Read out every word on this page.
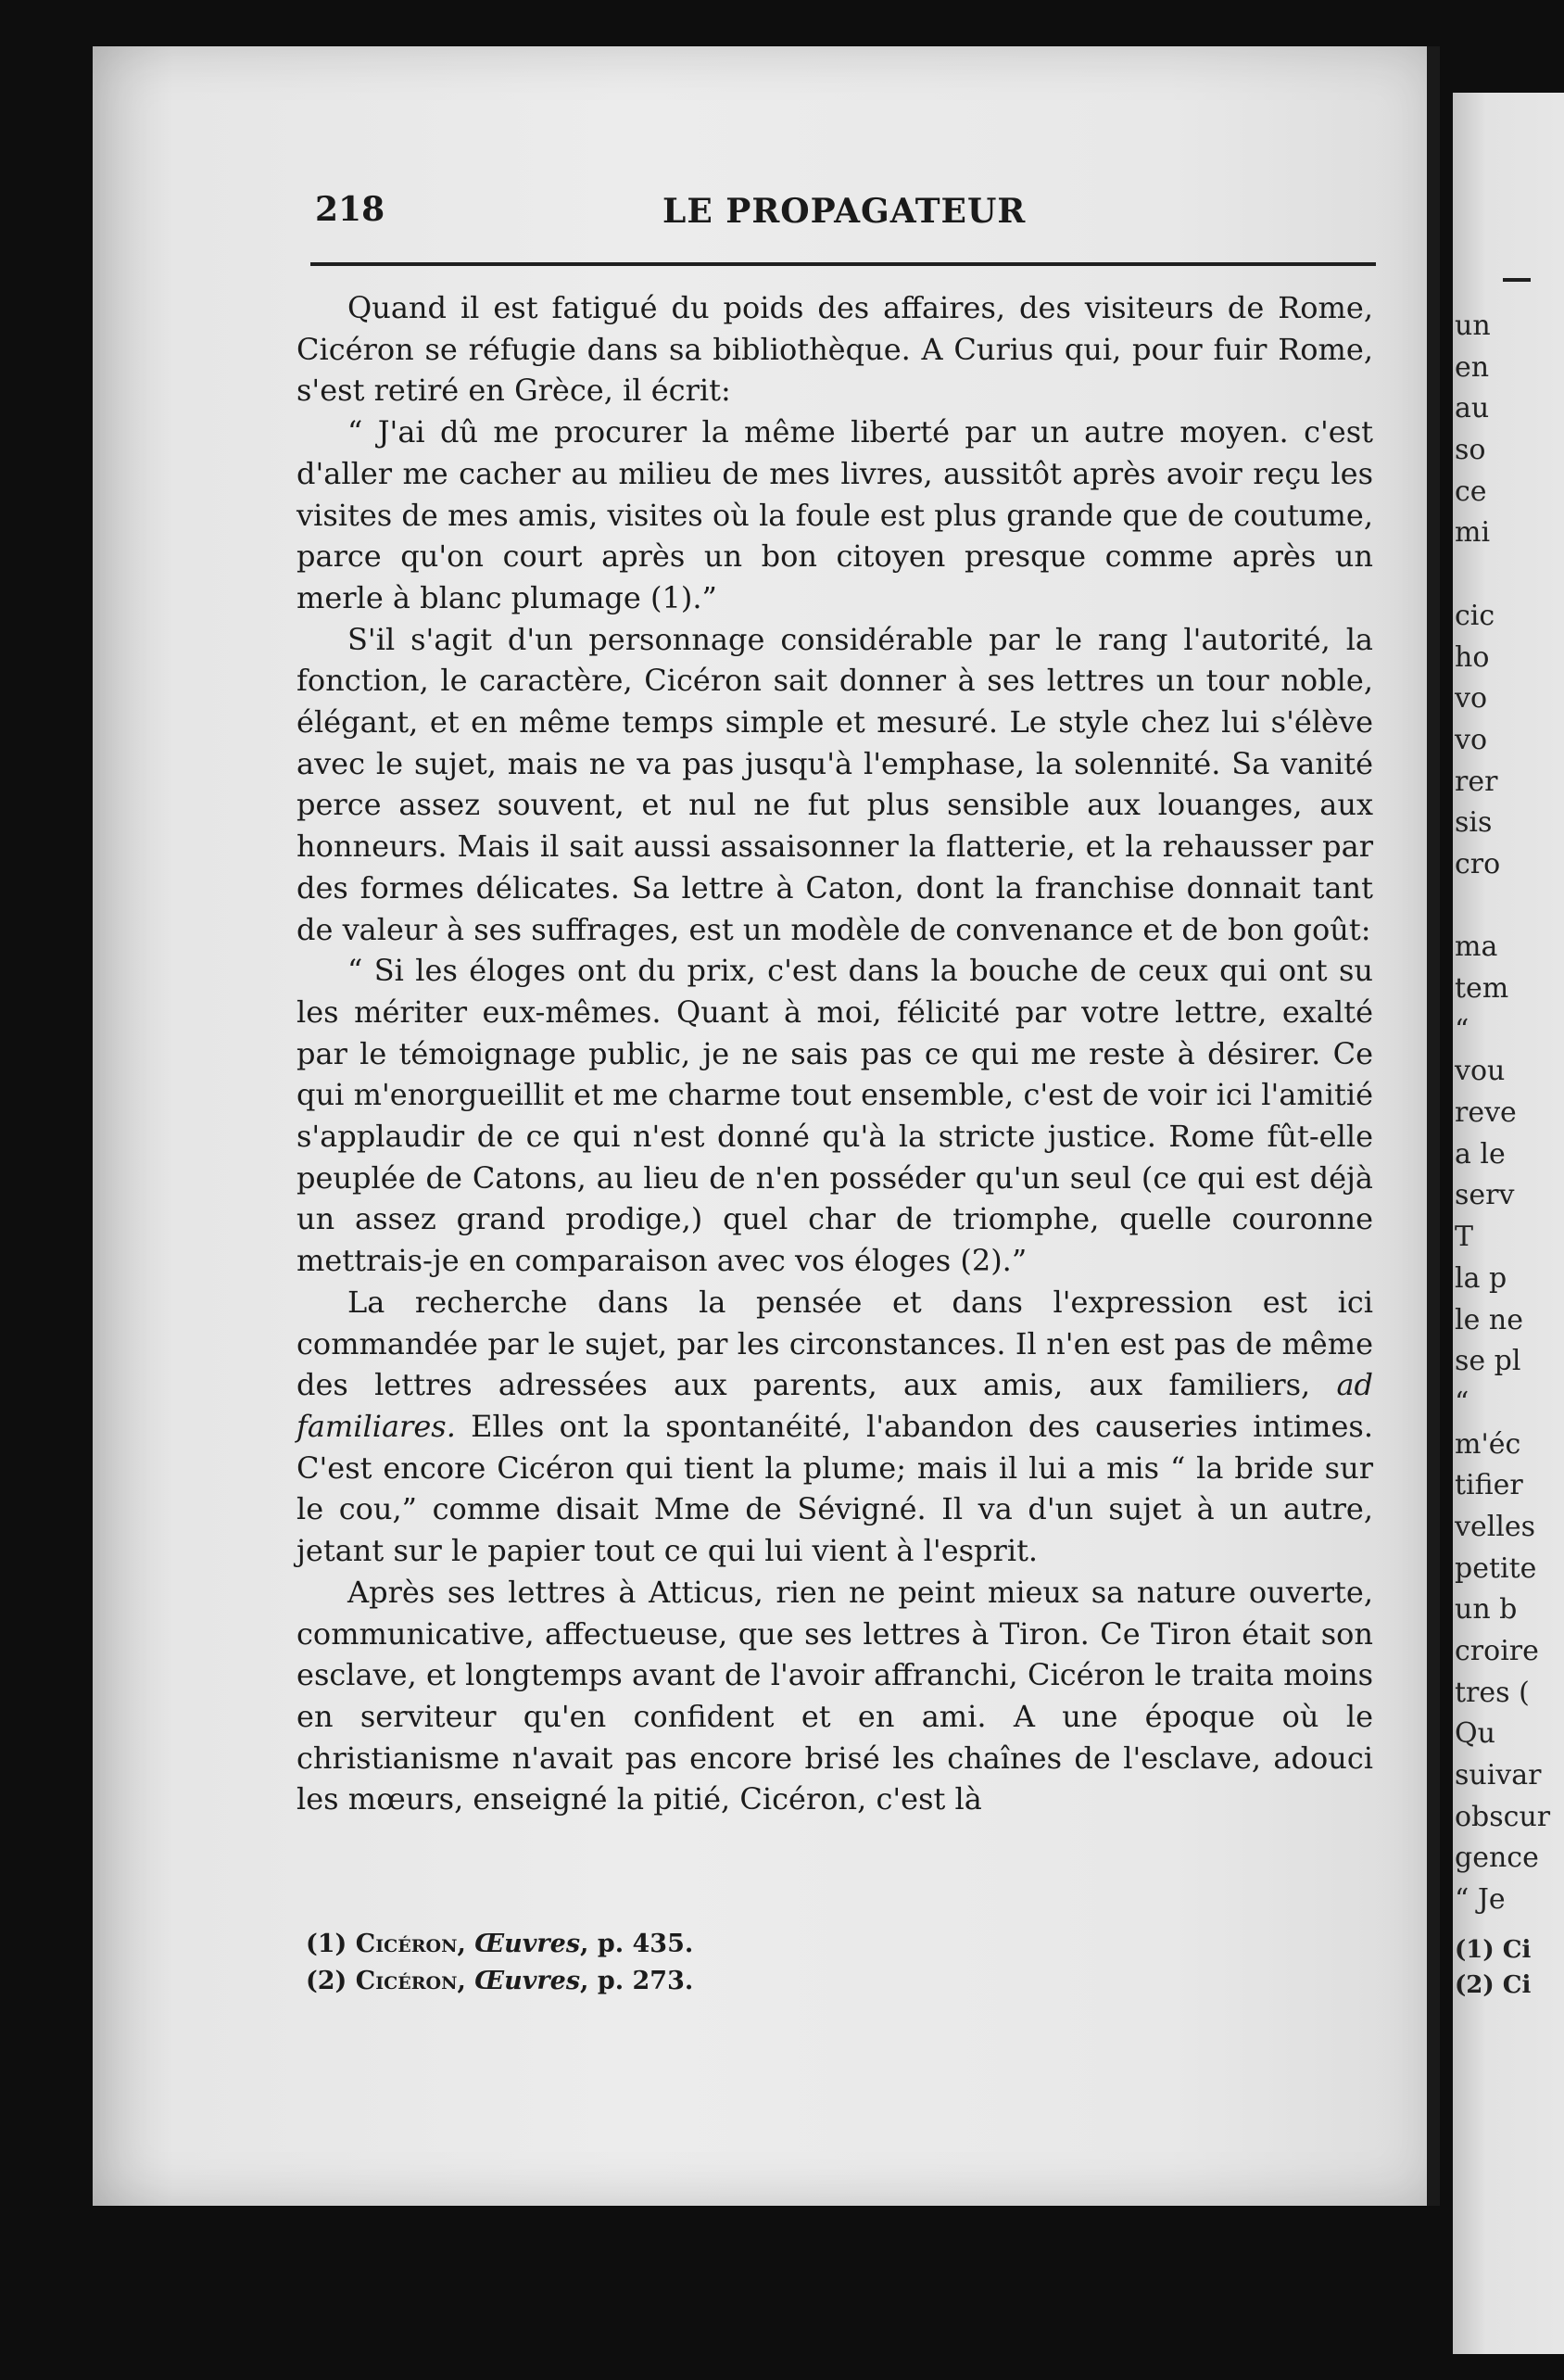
218	LE PROPAGATEUR

Quand il est fatigué du poids des affaires, des visiteurs de Rome, Cicéron se réfugie dans sa bibliothèque. A Curius qui, pour fuir Rome, s'est retiré en Grèce, il écrit:

“ J'ai dû me procurer la même liberté par un autre moyen. c'est d'aller me cacher au milieu de mes livres, aussitôt après avoir reçu les visites de mes amis, visites où la foule est plus grande que de coutume, parce qu'on court après un bon citoyen presque comme après un merle à blanc plumage (1).”

S'il s'agit d'un personnage considérable par le rang l'autorité, la fonction, le caractère, Cicéron sait donner à ses lettres un tour noble, élégant, et en même temps simple et mesuré. Le style chez lui s'élève avec le sujet, mais ne va pas jusqu'à l'emphase, la solennité. Sa vanité perce assez souvent, et nul ne fut plus sensible aux louanges, aux honneurs. Mais il sait aussi assaisonner la flatterie, et la rehausser par des formes délicates. Sa lettre à Caton, dont la franchise donnait tant de valeur à ses suffrages, est un modèle de convenance et de bon goût:

“ Si les éloges ont du prix, c'est dans la bouche de ceux qui ont su les mériter eux-mêmes. Quant à moi, félicité par votre lettre, exalté par le témoignage public, je ne sais pas ce qui me reste à désirer. Ce qui m'enorgueillit et me charme tout ensemble, c'est de voir ici l'amitié s'applaudir de ce qui n'est donné qu'à la stricte justice. Rome fût-elle peuplée de Catons, au lieu de n'en posséder qu'un seul (ce qui est déjà un assez grand prodige,) quel char de triomphe, quelle couronne mettrais-je en comparaison avec vos éloges (2).”

La recherche dans la pensée et dans l'expression est ici commandée par le sujet, par les circonstances. Il n'en est pas de même des lettres adressées aux parents, aux amis, aux familiers, ad familiares. Elles ont la spontanéité, l'abandon des causeries intimes. C'est encore Cicéron qui tient la plume; mais il lui a mis “ la bride sur le cou,” comme disait Mme de Sévigné. Il va d'un sujet à un autre, jetant sur le papier tout ce qui lui vient à l'esprit.

Après ses lettres à Atticus, rien ne peint mieux sa nature ouverte, communicative, affectueuse, que ses lettres à Tiron. Ce Tiron était son esclave, et longtemps avant de l'avoir affranchi, Cicéron le traita moins en serviteur qu'en confident et en ami. A une époque où le christianisme n'avait pas encore brisé les chaînes de l'esclave, adouci les mœurs, enseigné la pitié, Cicéron, c'est là

(1) Cicéron, Œuvres, p. 435.

(2) Cicéron, Œuvres, p. 273.

un
en
au
so
ce
mi
cic
ho
vo
vo
rer
sis
cro
ma
tem
“
vou
reve
a le
serv
T
la p
le ne
se pl
“
m'éc
tifier
velles
petite
un b
croire
tres (
Qu
suivar
obscur
gence
“ Je
(1) Ci
(2) Ci
